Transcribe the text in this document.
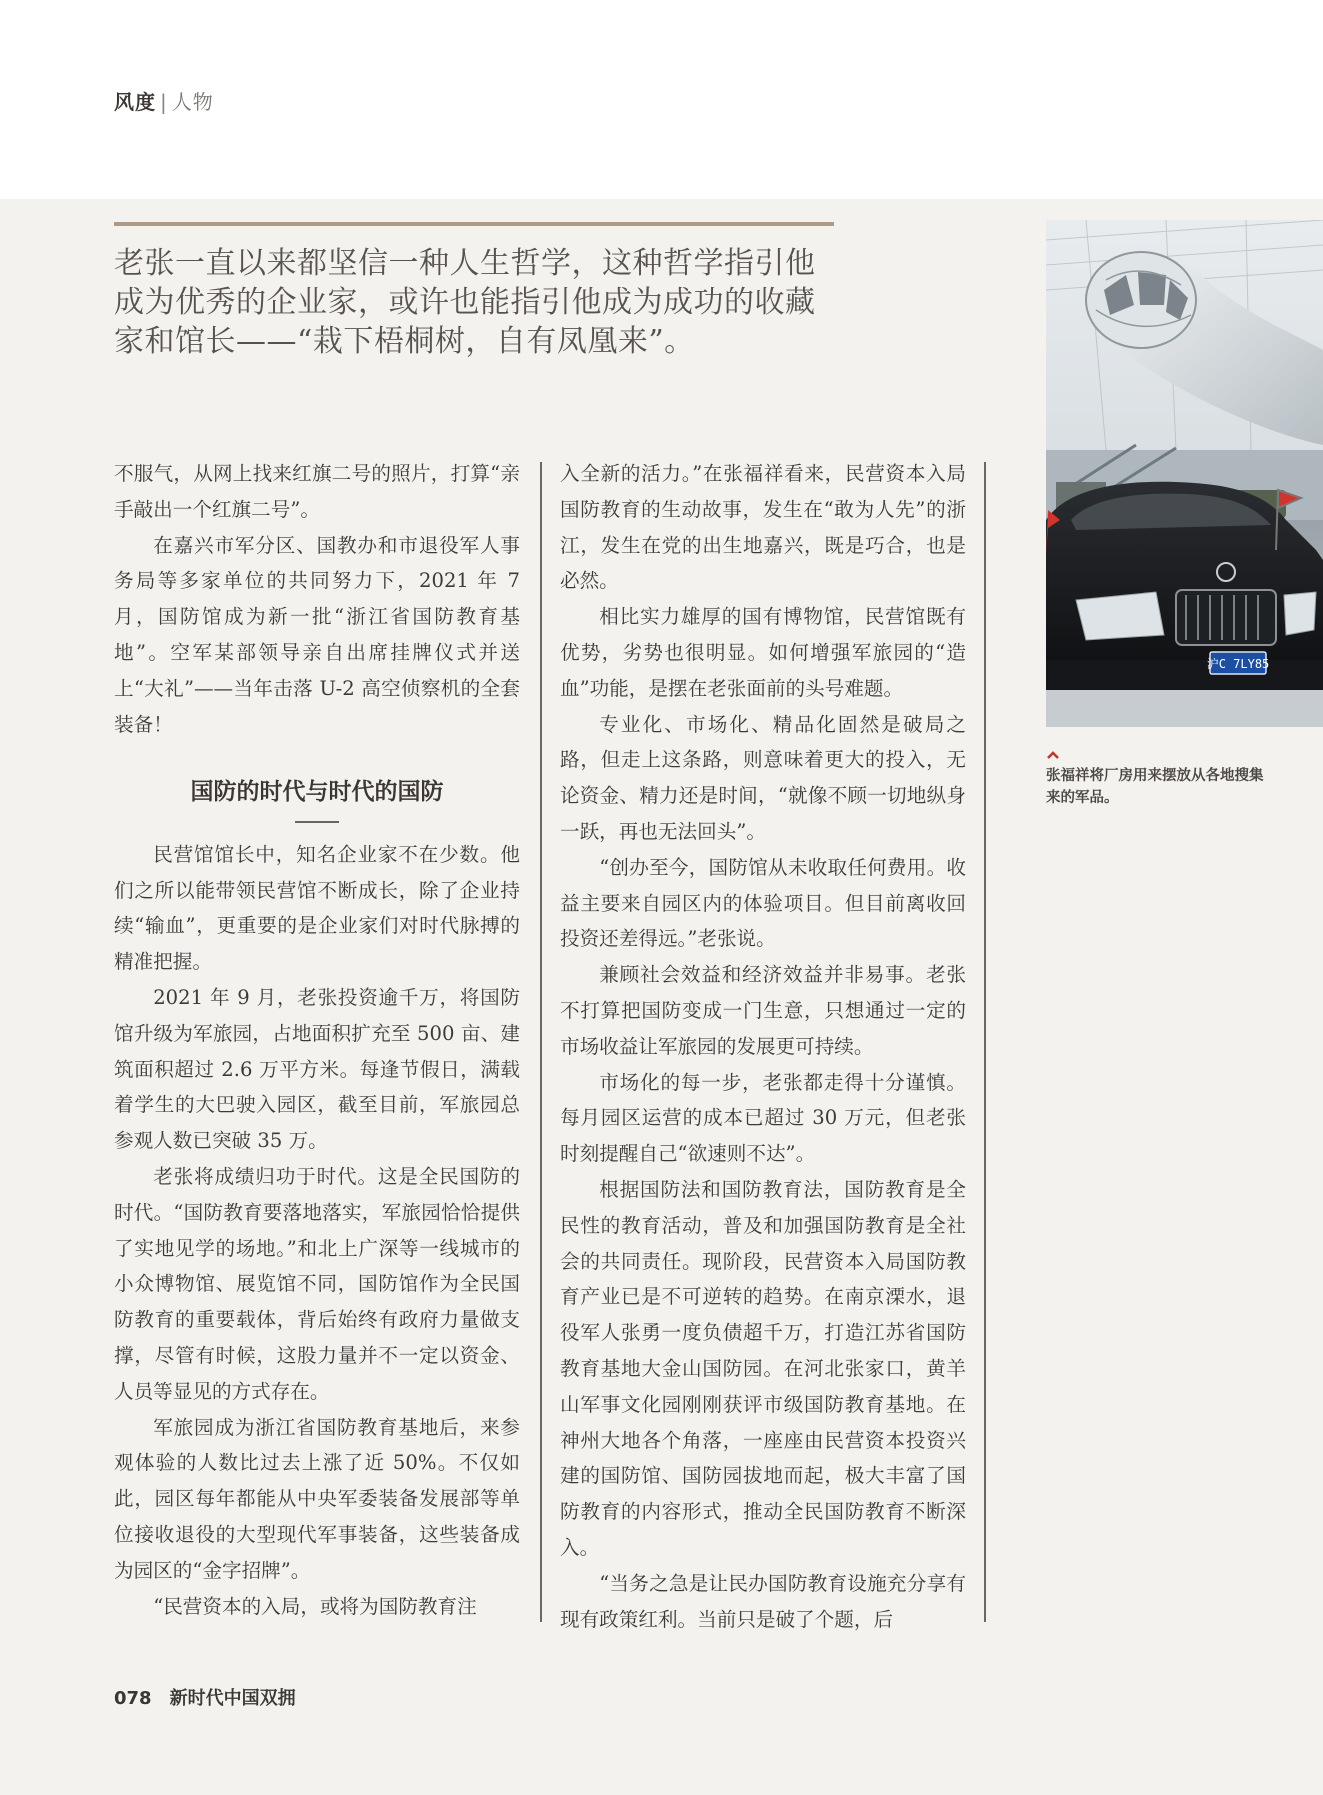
风度 | 人物
老张一直以来都坚信一种人生哲学，这种哲学指引他成为优秀的企业家，或许也能指引他成为成功的收藏家和馆长——“栽下梧桐树，自有凤凰来”。
沪C 7LY85
张福祥将厂房用来摆放从各地搜集来的军品。

不服气，从网上找来红旗二号的照片，打算“亲手敲出一个红旗二号”。

在嘉兴市军分区、国教办和市退役军人事务局等多家单位的共同努力下，2021 年 7 月，国防馆成为新一批“浙江省国防教育基地”。空军某部领导亲自出席挂牌仪式并送上“大礼”——当年击落 U-2 高空侦察机的全套装备！

国防的时代与时代的国防

民营馆馆长中，知名企业家不在少数。他们之所以能带领民营馆不断成长，除了企业持续“输血”，更重要的是企业家们对时代脉搏的精准把握。

2021 年 9 月，老张投资逾千万，将国防馆升级为军旅园，占地面积扩充至 500 亩、建筑面积超过 2.6 万平方米。每逢节假日，满载着学生的大巴驶入园区，截至目前，军旅园总参观人数已突破 35 万。

老张将成绩归功于时代。这是全民国防的时代。“国防教育要落地落实，军旅园恰恰提供了实地见学的场地。”和北上广深等一线城市的小众博物馆、展览馆不同，国防馆作为全民国防教育的重要载体，背后始终有政府力量做支撑，尽管有时候，这股力量并不一定以资金、人员等显见的方式存在。

军旅园成为浙江省国防教育基地后，来参观体验的人数比过去上涨了近 50%。不仅如此，园区每年都能从中央军委装备发展部等单位接收退役的大型现代军事装备，这些装备成为园区的“金字招牌”。

“民营资本的入局，或将为国防教育注

入全新的活力。”在张福祥看来，民营资本入局国防教育的生动故事，发生在“敢为人先”的浙江，发生在党的出生地嘉兴，既是巧合，也是必然。

相比实力雄厚的国有博物馆，民营馆既有优势，劣势也很明显。如何增强军旅园的“造血”功能，是摆在老张面前的头号难题。

专业化、市场化、精品化固然是破局之路，但走上这条路，则意味着更大的投入，无论资金、精力还是时间，“就像不顾一切地纵身一跃，再也无法回头”。

“创办至今，国防馆从未收取任何费用。收益主要来自园区内的体验项目。但目前离收回投资还差得远。”老张说。

兼顾社会效益和经济效益并非易事。老张不打算把国防变成一门生意，只想通过一定的市场收益让军旅园的发展更可持续。

市场化的每一步，老张都走得十分谨慎。每月园区运营的成本已超过 30 万元，但老张时刻提醒自己“欲速则不达”。

根据国防法和国防教育法，国防教育是全民性的教育活动，普及和加强国防教育是全社会的共同责任。现阶段，民营资本入局国防教育产业已是不可逆转的趋势。在南京溧水，退役军人张勇一度负债超千万，打造江苏省国防教育基地大金山国防园。在河北张家口，黄羊山军事文化园刚刚获评市级国防教育基地。在神州大地各个角落，一座座由民营资本投资兴建的国防馆、国防园拔地而起，极大丰富了国防教育的内容形式，推动全民国防教育不断深入。

“当务之急是让民办国防教育设施充分享有现有政策红利。当前只是破了个题，后

078 新时代中国双拥
